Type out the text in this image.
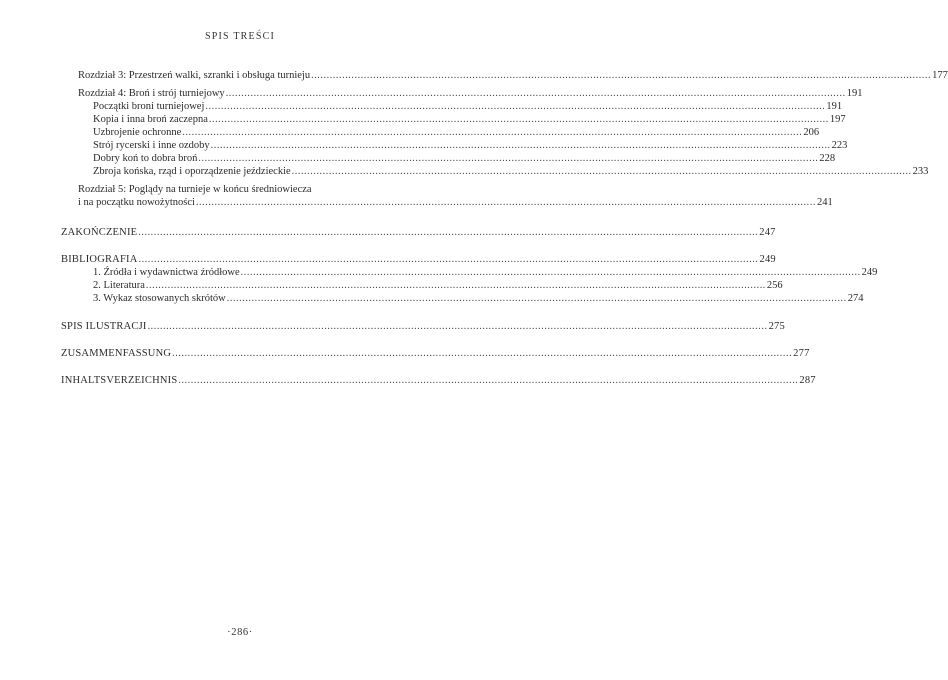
SPIS TREŚCI
Rozdział 3: Przestrzeń walki, szranki i obsługa turnieju ........................................................................................................................................................................................................ 177
Rozdział 4: Broń i strój turniejowy ........................................................................................................................................................................................................ 191
Początki broni turniejowej ........................................................................................................................................................................................................ 191
Kopia i inna broń zaczepna ........................................................................................................................................................................................................ 197
Uzbrojenie ochronne ........................................................................................................................................................................................................ 206
Strój rycerski i inne ozdoby ........................................................................................................................................................................................................ 223
Dobry koń to dobra broń ........................................................................................................................................................................................................ 228
Zbroja końska, rząd i oporządzenie jeździeckie ........................................................................................................................................................................................................ 233
Rozdział 5: Poglądy na turnieje w końcu średniowiecza
i na początku nowożytności ........................................................................................................................................................................................................ 241
ZAKOŃCZENIE ........................................................................................................................................................................................................ 247
BIBLIOGRAFIA ........................................................................................................................................................................................................ 249
1. Źródła i wydawnictwa źródłowe ........................................................................................................................................................................................................ 249
2. Literatura ........................................................................................................................................................................................................ 256
3. Wykaz stosowanych skrótów ........................................................................................................................................................................................................ 274
SPIS ILUSTRACJI ........................................................................................................................................................................................................ 275
ZUSAMMENFASSUNG ........................................................................................................................................................................................................ 277
INHALTSVERZEICHNIS ........................................................................................................................................................................................................ 287
·286·
